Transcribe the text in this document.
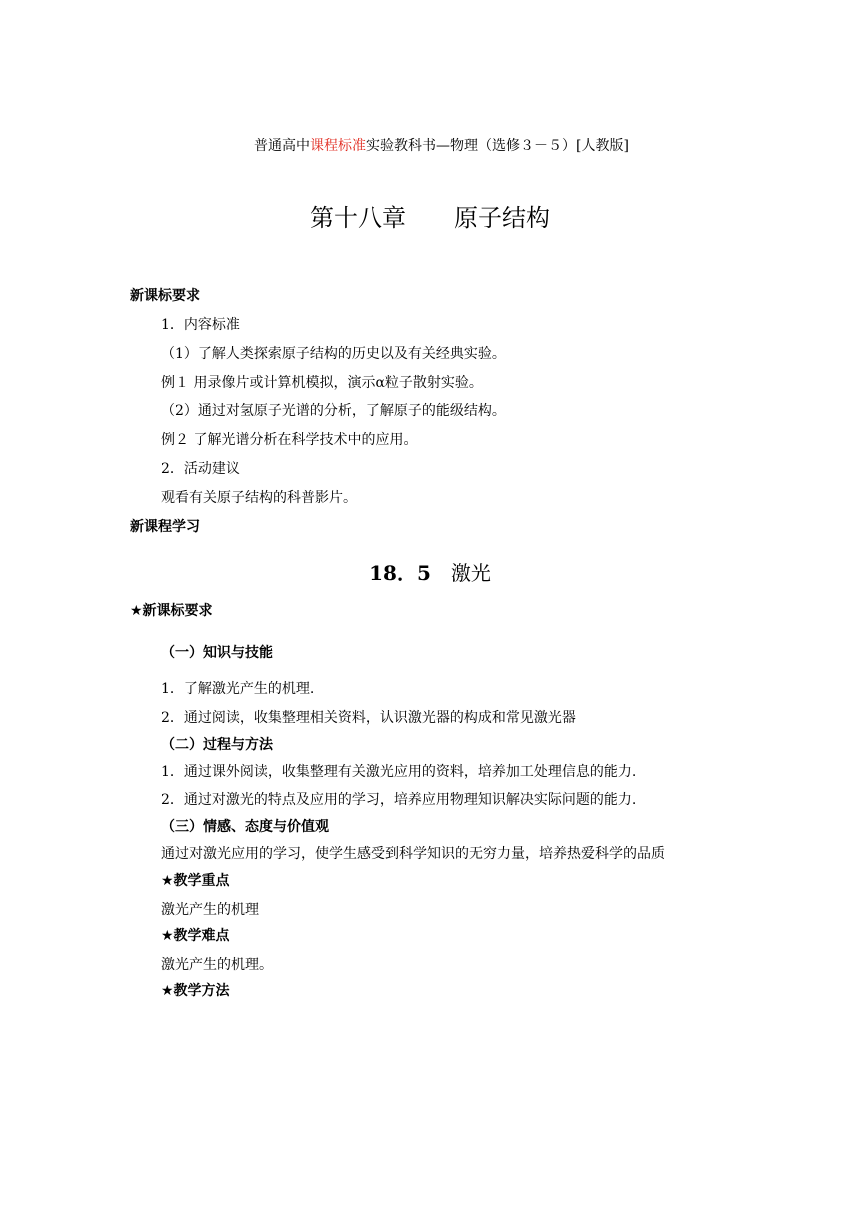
普通高中课程标准实验教科书—物理（选修３－５）[人教版]
第十八章　　原子结构
新课标要求
1．内容标准
（1）了解人类探索原子结构的历史以及有关经典实验。
例１ 用录像片或计算机模拟，演示α粒子散射实验。
（2）通过对氢原子光谱的分析，了解原子的能级结构。
例２ 了解光谱分析在科学技术中的应用。
2．活动建议
观看有关原子结构的科普影片。
新课程学习
18．5　 激光
★新课标要求
（一）知识与技能
1．了解激光产生的机理.
2．通过阅读，收集整理相关资料，认识激光器的构成和常见激光器
（二）过程与方法
1．通过课外阅读，收集整理有关激光应用的资料，培养加工处理信息的能力.
2．通过对激光的特点及应用的学习，培养应用物理知识解决实际问题的能力.
（三）情感、态度与价值观
通过对激光应用的学习，使学生感受到科学知识的无穷力量，培养热爱科学的品质
★教学重点
激光产生的机理
★教学难点
激光产生的机理。
★教学方法
